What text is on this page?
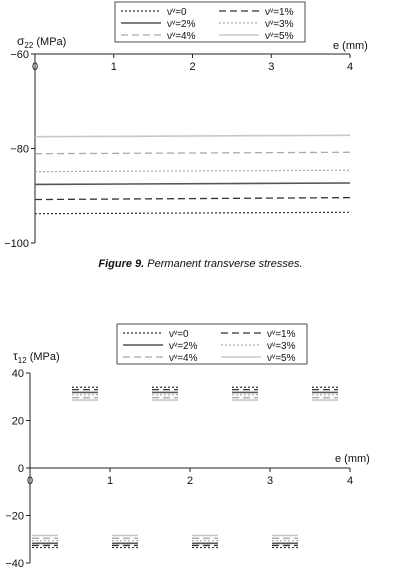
−60
−80
−100
0	1	2	3	4
$\sigma_{22}$ (MPa)	e (mm)
νᵛ=0	νᵛ=1%
νᵛ=2%	νᵛ=3%
νᵛ=4%	νᵛ=5%
40
20
0
−20
−40
0	1	2	3	4
$\tau_{12}$ (MPa)
e (mm)
νᵛ=0	νᵛ=1%
νᵛ=2%	νᵛ=3%
νᵛ=4%	νᵛ=5%
Figure 9. Permanent transverse stresses.
